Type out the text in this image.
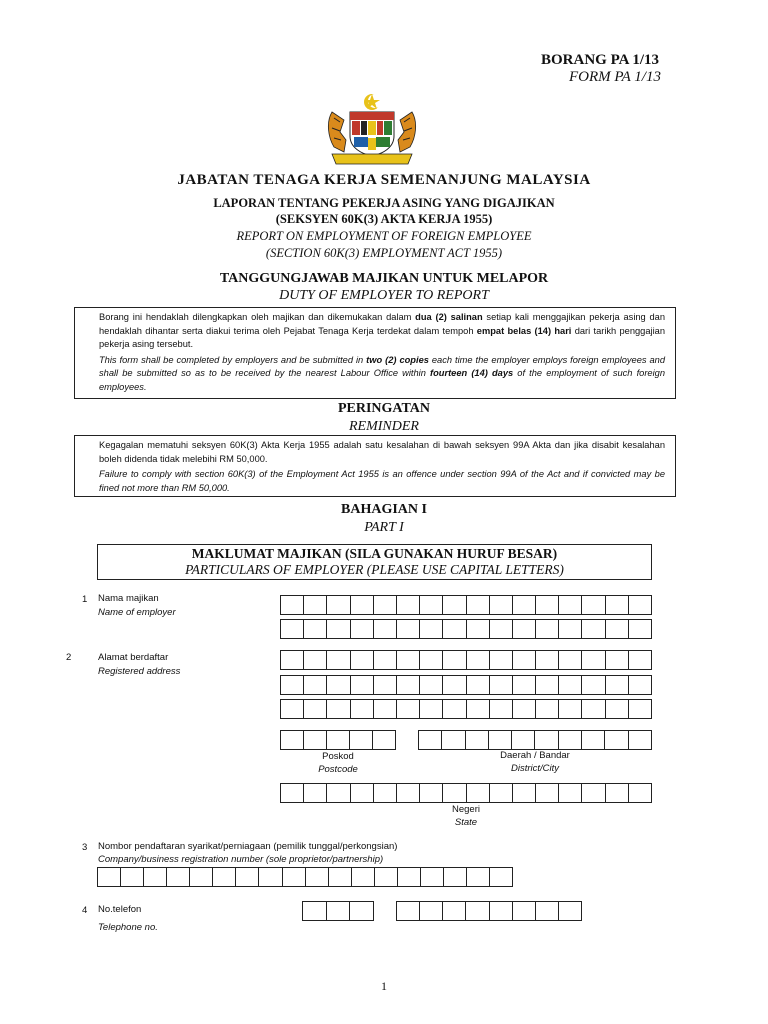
BORANG PA 1/13
FORM PA 1/13
JABATAN TENAGA KERJA SEMENANJUNG MALAYSIA
LAPORAN TENTANG PEKERJA ASING YANG DIGAJIKAN
(SEKSYEN 60K(3) AKTA KERJA 1955)
REPORT ON EMPLOYMENT OF FOREIGN EMPLOYEE
(SECTION 60K(3) EMPLOYMENT ACT 1955)
TANGGUNGJAWAB MAJIKAN UNTUK MELAPOR
DUTY OF EMPLOYER TO REPORT

Borang ini hendaklah dilengkapkan oleh majikan dan dikemukakan dalam dua (2) salinan setiap kali menggajikan pekerja asing dan hendaklah dihantar serta diakui terima oleh Pejabat Tenaga Kerja terdekat dalam tempoh empat belas (14) hari dari tarikh penggajian pekerja asing tersebut.

This form shall be completed by employers and be submitted in two (2) copies each time the employer employs foreign employees and shall be submitted so as to be received by the nearest Labour Office within fourteen (14) days of the employment of such foreign employees.

PERINGATAN
REMINDER

Kegagalan mematuhi seksyen 60K(3) Akta Kerja 1955 adalah satu kesalahan di bawah seksyen 99A Akta dan jika disabit kesalahan boleh didenda tidak melebihi RM 50,000.

Failure to comply with section 60K(3) of the Employment Act 1955 is an offence under section 99A of the Act and if convicted may be fined not more than RM 50,000.

BAHAGIAN I
PART I
MAKLUMAT MAJIKAN (SILA GUNAKAN HURUF BESAR)
PARTICULARS OF EMPLOYER (PLEASE USE CAPITAL LETTERS)
1 Nama majikan
Name of employer
2	Alamat berdaftar
Registered address
Poskod
Postcode
Daerah / Bandar
District/City
Negeri
State
3 Nombor pendaftaran syarikat/perniagaan (pemilik tunggal/perkongsian)
Company/business registration number (sole proprietor/partnership)
4 No.telefon
Telephone no.
1
